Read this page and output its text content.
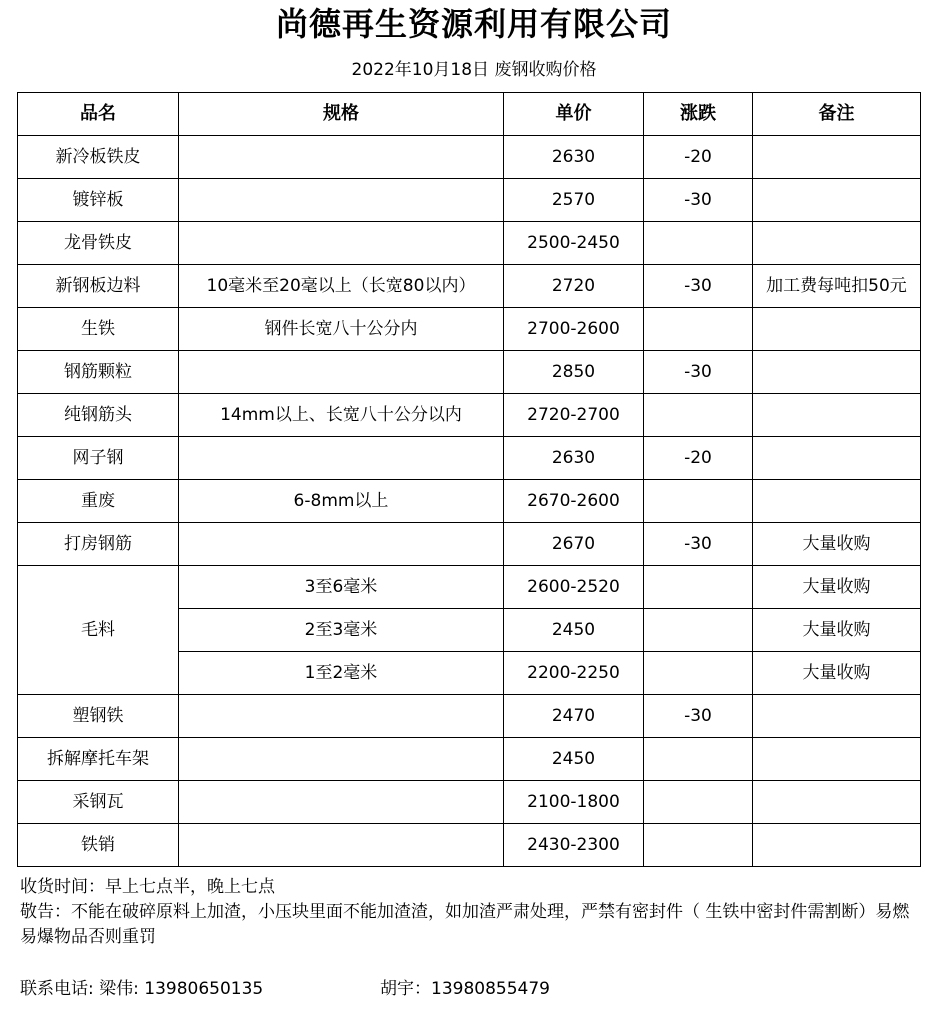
尚德再生资源利用有限公司
2022年10月18日 废钢收购价格
品名	规格	单价	涨跌	备注
新冷板铁皮		2630	-20	
镀锌板		2570	-30	
龙骨铁皮		2500-2450		
新钢板边料	10毫米至20毫以上（长宽80以内）	2720	-30	加工费每吨扣50元
生铁	钢件长宽八十公分内	2700-2600		
钢筋颗粒		2850	-30	
纯钢筋头	14mm以上、长宽八十公分以内	2720-2700		
网子钢		2630	-20	
重废	6-8mm以上	2670-2600		
打房钢筋		2670	-30	大量收购
毛料	3至6毫米	2600-2520		大量收购
	2至3毫米	2450		大量收购
	1至2毫米	2200-2250		大量收购
塑钢铁		2470	-30	
拆解摩托车架		2450		
采钢瓦		2100-1800		
铁销		2430-2300		
收货时间：早上七点半，晚上七点
敬告：不能在破碎原料上加渣，小压块里面不能加渣渣，如加渣严肃处理，严禁有密封件（ 生铁中密封件需割断）易燃易爆物品否则重罚
联系电话: 梁伟: 13980650135	胡宇：13980855479
